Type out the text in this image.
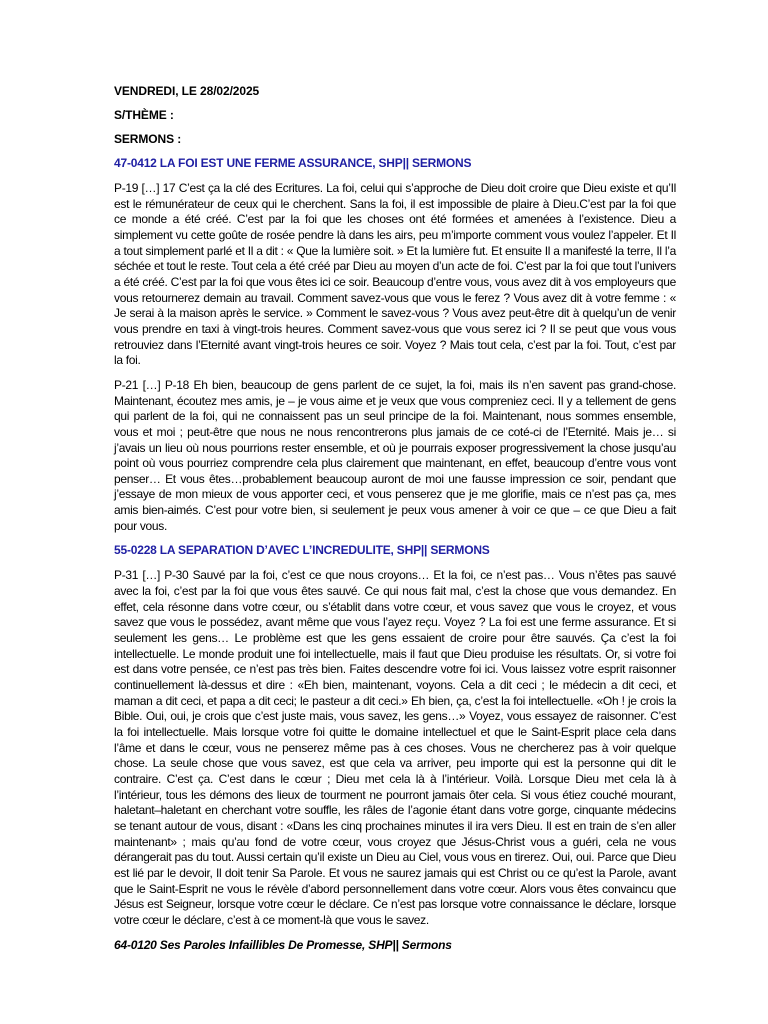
VENDREDI, LE 28/02/2025
S/THÈME :
SERMONS :
47-0412 LA FOI EST UNE FERME ASSURANCE, SHP|| SERMONS

P-19 […] 17 C’est ça la clé des Ecritures. La foi, celui qui s’approche de Dieu doit croire que Dieu existe et qu’Il est le rémunérateur de ceux qui le cherchent. Sans la foi, il est impossible de plaire à Dieu.C’est par la foi que ce monde a été créé. C’est par la foi que les choses ont été formées et amenées à l’existence. Dieu a simplement vu cette goûte de rosée pendre là dans les airs, peu m’importe comment vous voulez l’appeler. Et Il a tout simplement parlé et Il a dit : « Que la lumière soit. » Et la lumière fut. Et ensuite Il a manifesté la terre, Il l’a séchée et tout le reste. Tout cela a été créé par Dieu au moyen d’un acte de foi. C’est par la foi que tout l’univers a été créé. C’est par la foi que vous êtes ici ce soir. Beaucoup d’entre vous, vous avez dit à vos employeurs que vous retournerez demain au travail. Comment savez-vous que vous le ferez ? Vous avez dit à votre femme : « Je serai à la maison après le service. » Comment le savez-vous ? Vous avez peut-être dit à quelqu’un de venir vous prendre en taxi à vingt-trois heures. Comment savez-vous que vous serez ici ? Il se peut que vous vous retrouviez dans l’Eternité avant vingt-trois heures ce soir. Voyez ? Mais tout cela, c’est par la foi. Tout, c’est par la foi.

P-21 […] P-18 Eh bien, beaucoup de gens parlent de ce sujet, la foi, mais ils n’en savent pas grand-chose. Maintenant, écoutez mes amis, je – je vous aime et je veux que vous compreniez ceci. Il y a tellement de gens qui parlent de la foi, qui ne connaissent pas un seul principe de la foi. Maintenant, nous sommes ensemble, vous et moi ; peut-être que nous ne nous rencontrerons plus jamais de ce coté-ci de l’Eternité. Mais je… si j’avais un lieu où nous pourrions rester ensemble, et où je pourrais exposer progressivement la chose jusqu’au point où vous pourriez comprendre cela plus clairement que maintenant, en effet, beaucoup d’entre vous vont penser… Et vous êtes…probablement beaucoup auront de moi une fausse impression ce soir, pendant que j’essaye de mon mieux de vous apporter ceci, et vous penserez que je me glorifie, mais ce n’est pas ça, mes amis bien-aimés. C’est pour votre bien, si seulement je peux vous amener à voir ce que – ce que Dieu a fait pour vous.

55-0228 LA SEPARATION D’AVEC L’INCREDULITE, SHP|| SERMONS

P-31 […] P-30 Sauvé par la foi, c’est ce que nous croyons… Et la foi, ce n’est pas… Vous n’êtes pas sauvé avec la foi, c’est par la foi que vous êtes sauvé. Ce qui nous fait mal, c’est la chose que vous demandez. En effet, cela résonne dans votre cœur, ou s’établit dans votre cœur, et vous savez que vous le croyez, et vous savez que vous le possédez, avant même que vous l’ayez reçu. Voyez ? La foi est une ferme assurance. Et si seulement les gens… Le problème est que les gens essaient de croire pour être sauvés. Ça c’est la foi intellectuelle. Le monde produit une foi intellectuelle, mais il faut que Dieu produise les résultats. Or, si votre foi est dans votre pensée, ce n’est pas très bien. Faites descendre votre foi ici. Vous laissez votre esprit raisonner continuellement là-dessus et dire : «Eh bien, maintenant, voyons. Cela a dit ceci ; le médecin a dit ceci, et maman a dit ceci, et papa a dit ceci; le pasteur a dit ceci.» Eh bien, ça, c’est la foi intellectuelle. «Oh ! je crois la Bible. Oui, oui, je crois que c’est juste mais, vous savez, les gens…» Voyez, vous essayez de raisonner. C’est la foi intellectuelle. Mais lorsque votre foi quitte le domaine intellectuel et que le Saint-Esprit place cela dans l’âme et dans le cœur, vous ne penserez même pas à ces choses. Vous ne chercherez pas à voir quelque chose. La seule chose que vous savez, est que cela va arriver, peu importe qui est la personne qui dit le contraire. C’est ça. C’est dans le cœur ; Dieu met cela là à l’intérieur. Voilà. Lorsque Dieu met cela là à l’intérieur, tous les démons des lieux de tourment ne pourront jamais ôter cela. Si vous étiez couché mourant, haletant–haletant en cherchant votre souffle, les râles de l’agonie étant dans votre gorge, cinquante médecins se tenant autour de vous, disant : «Dans les cinq prochaines minutes il ira vers Dieu. Il est en train de s’en aller maintenant» ; mais qu’au fond de votre cœur, vous croyez que Jésus-Christ vous a guéri, cela ne vous dérangerait pas du tout. Aussi certain qu’il existe un Dieu au Ciel, vous vous en tirerez. Oui, oui. Parce que Dieu est lié par le devoir, Il doit tenir Sa Parole. Et vous ne saurez jamais qui est Christ ou ce qu’est la Parole, avant que le Saint-Esprit ne vous le révèle d’abord personnellement dans votre cœur. Alors vous êtes convaincu que Jésus est Seigneur, lorsque votre cœur le déclare. Ce n’est pas lorsque votre connaissance le déclare, lorsque votre cœur le déclare, c’est à ce moment-là que vous le savez.

64-0120 Ses Paroles Infaillibles De Promesse, SHP|| Sermons
